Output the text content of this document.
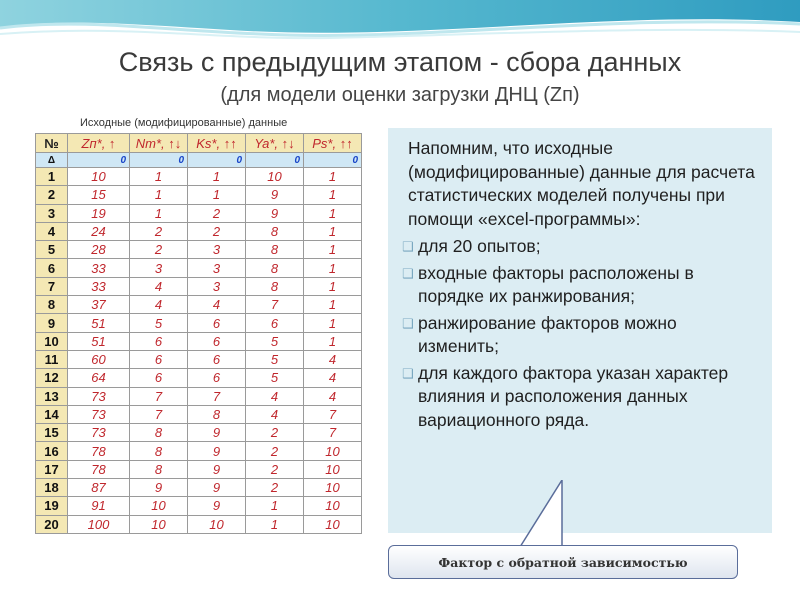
Связь с предыдущим этапом - сбора данных
(для модели оценки загрузки ДНЦ (Zп)
Исходные (модифицированные) данные
№	Zп*, ↑	Nт*, ↑↓	Ks*, ↑↑	Ya*, ↑↓	Ps*, ↑↑
Δ	0	0	0	0	0
1	10	1	1	10	1
2	15	1	1	9	1
3	19	1	2	9	1
4	24	2	2	8	1
5	28	2	3	8	1
6	33	3	3	8	1
7	33	4	3	8	1
8	37	4	4	7	1
9	51	5	6	6	1
10	51	6	6	5	1
11	60	6	6	5	4
12	64	6	6	5	4
13	73	7	7	4	4
14	73	7	8	4	7
15	73	8	9	2	7
16	78	8	9	2	10
17	78	8	9	2	10
18	87	9	9	2	10
19	91	10	9	1	10
20	100	10	10	1	10
Напомним, что исходные (модифицированные) данные для расчета статистических моделей получены при помощи «excel-программы»:
❑ для 20 опытов;
❑ входные факторы расположены в порядке их ранжирования;
❑ ранжирование факторов можно изменить;
❑ для каждого фактора указан характер влияния и расположения данных вариационного ряда.
Фактор с обратной зависимостью
